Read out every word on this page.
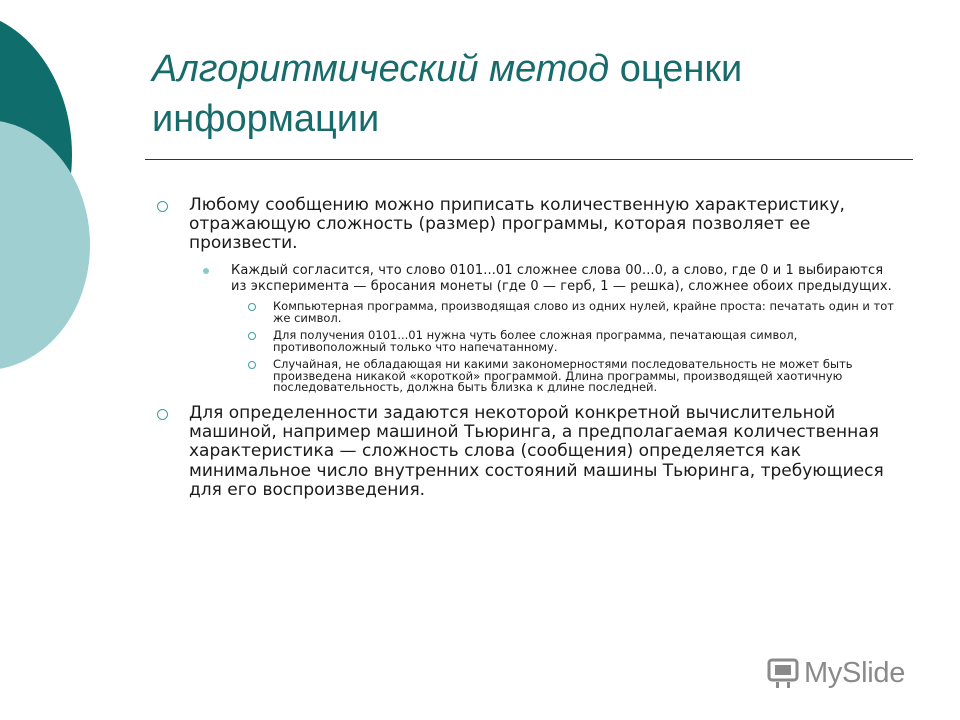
Алгоритмический метод оценки информации
Любому сообщению можно приписать количественную характеристику, отражающую сложность (размер) программы, которая позволяет ее произвести.
Каждый согласится, что слово 0101...01 сложнее слова 00...0, а слово, где 0 и 1 выбираются из эксперимента — бросания монеты (где 0 — герб, 1 — решка), сложнее обоих предыдущих.
Компьютерная программа, производящая слово из одних нулей, крайне проста: печатать один и тот же символ.
Для получения 0101...01 нужна чуть более сложная программа, печатающая символ, противоположный только что напечатанному.
Случайная, не обладающая ни какими закономерностями последовательность не может быть произведена никакой «короткой» программой. Длина программы, производящей хаотичную последовательность, должна быть близка к длине последней.
Для определенности задаются некоторой конкретной вычислительной машиной, например машиной Тьюринга, а предполагаемая количественная характеристика — сложность слова (сообщения) определяется как минимальное число внутренних состояний машины Тьюринга, требующиеся для его воспроизведения.
MySlide
